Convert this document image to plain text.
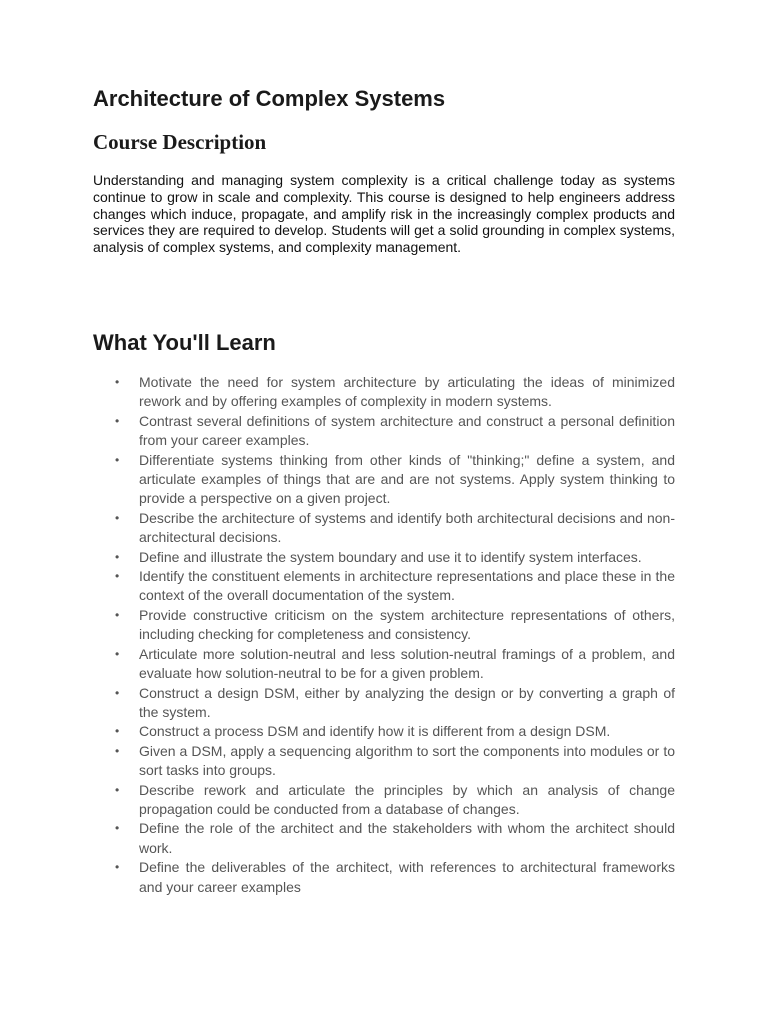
Architecture of Complex Systems
Course Description

Understanding and managing system complexity is a critical challenge today as systems continue to grow in scale and complexity. This course is designed to help engineers address changes which induce, propagate, and amplify risk in the increasingly complex products and services they are required to develop. Students will get a solid grounding in complex systems, analysis of complex systems, and complexity management.

What You'll Learn
• Motivate the need for system architecture by articulating the ideas of minimized rework and by offering examples of complexity in modern systems.
• Contrast several definitions of system architecture and construct a personal definition from your career examples.
• Differentiate systems thinking from other kinds of "thinking;" define a system, and articulate examples of things that are and are not systems. Apply system thinking to provide a perspective on a given project.
• Describe the architecture of systems and identify both architectural decisions and non-architectural decisions.
• Define and illustrate the system boundary and use it to identify system interfaces.
• Identify the constituent elements in architecture representations and place these in the context of the overall documentation of the system.
• Provide constructive criticism on the system architecture representations of others, including checking for completeness and consistency.
• Articulate more solution-neutral and less solution-neutral framings of a problem, and evaluate how solution-neutral to be for a given problem.
• Construct a design DSM, either by analyzing the design or by converting a graph of the system.
• Construct a process DSM and identify how it is different from a design DSM.
• Given a DSM, apply a sequencing algorithm to sort the components into modules or to sort tasks into groups.
• Describe rework and articulate the principles by which an analysis of change propagation could be conducted from a database of changes.
• Define the role of the architect and the stakeholders with whom the architect should work.
• Define the deliverables of the architect, with references to architectural frameworks and your career examples
